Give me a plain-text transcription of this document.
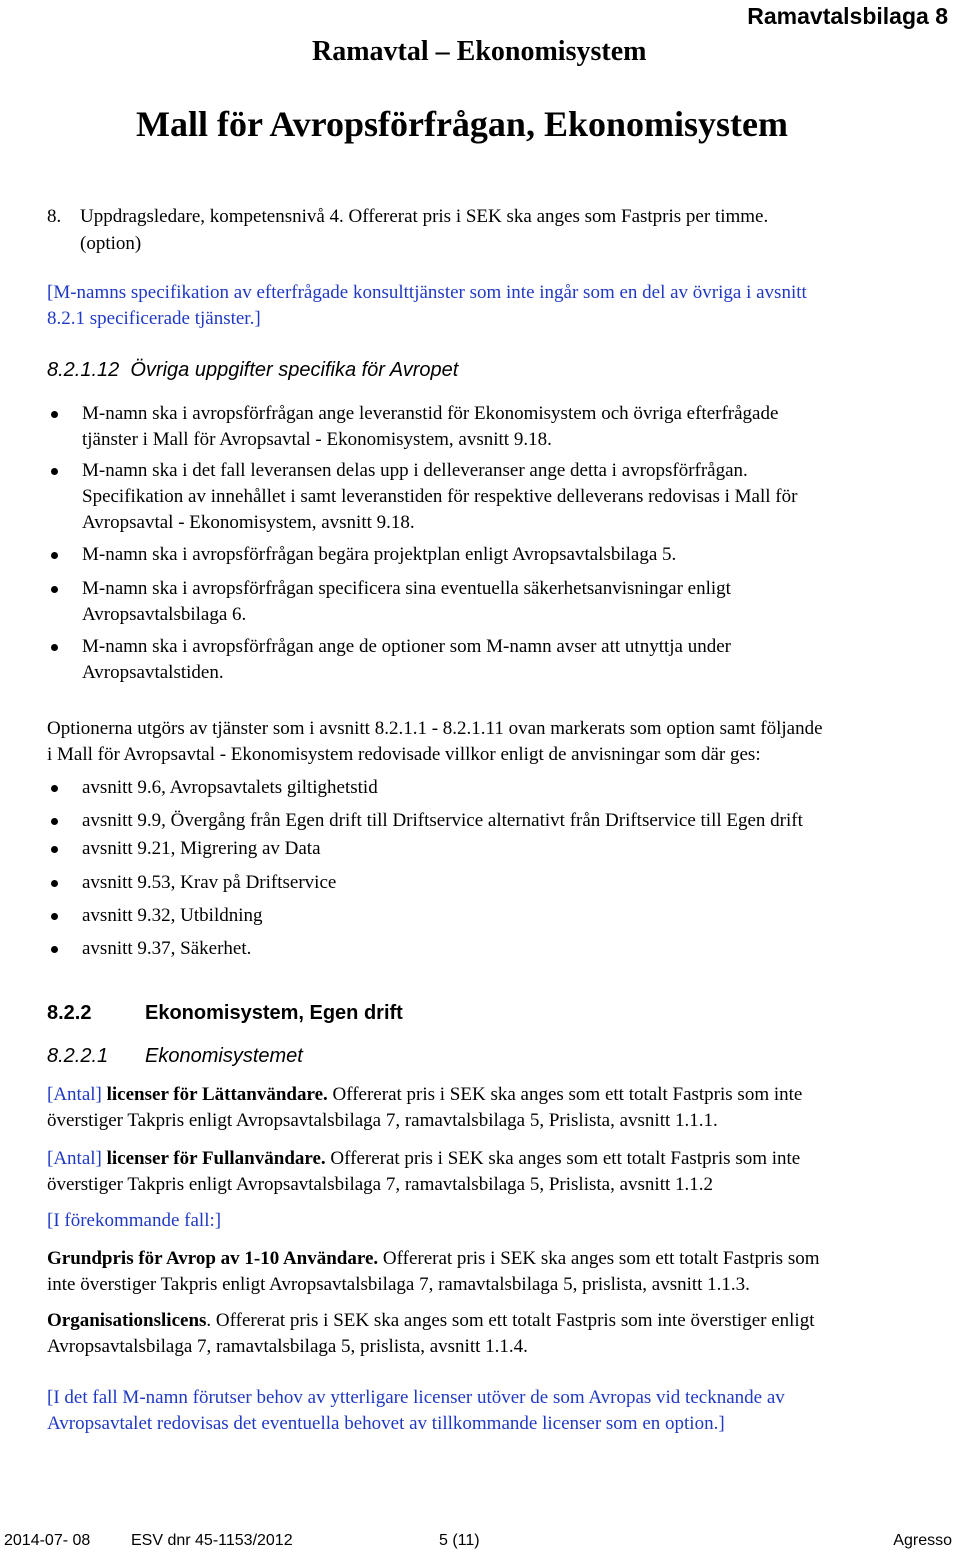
Ramavtalsbilaga 8
Ramavtal – Ekonomisystem
Mall för Avropsförfrågan, Ekonomisystem
8. Uppdragsledare, kompetensnivå 4. Offererat pris i SEK ska anges som Fastpris per timme.
(option)
[M-namns specifikation av efterfrågade konsulttjänster som inte ingår som en del av övriga i avsnitt
8.2.1 specificerade tjänster.]
8.2.1.12  Övriga uppgifter specifika för Avropet
M-namn ska i avropsförfrågan ange leveranstid för Ekonomisystem och övriga efterfrågade
tjänster i Mall för Avropsavtal - Ekonomisystem, avsnitt 9.18.
M-namn ska i det fall leveransen delas upp i delleveranser ange detta i avropsförfrågan.
Specifikation av innehållet i samt leveranstiden för respektive delleverans redovisas i Mall för
Avropsavtal - Ekonomisystem, avsnitt 9.18.
M-namn ska i avropsförfrågan begära projektplan enligt Avropsavtalsbilaga 5.
M-namn ska i avropsförfrågan specificera sina eventuella säkerhetsanvisningar enligt
Avropsavtalsbilaga 6.
M-namn ska i avropsförfrågan ange de optioner som M-namn avser att utnyttja under
Avropsavtalstiden.
Optionerna utgörs av tjänster som i avsnitt 8.2.1.1 - 8.2.1.11 ovan markerats som option samt följande
i Mall för Avropsavtal - Ekonomisystem redovisade villkor enligt de anvisningar som där ges:
avsnitt 9.6, Avropsavtalets giltighetstid
avsnitt 9.9, Övergång från Egen drift till Driftservice alternativt från Driftservice till Egen drift
avsnitt 9.21, Migrering av Data
avsnitt 9.53, Krav på Driftservice
avsnitt 9.32, Utbildning
avsnitt 9.37, Säkerhet.
8.2.2	Ekonomisystem, Egen drift
8.2.2.1 Ekonomisystemet
[Antal] licenser för Lättanvändare. Offererat pris i SEK ska anges som ett totalt Fastpris som inte
överstiger Takpris enligt Avropsavtalsbilaga 7, ramavtalsbilaga 5, Prislista, avsnitt 1.1.1.
[Antal] licenser för Fullanvändare. Offererat pris i SEK ska anges som ett totalt Fastpris som inte
överstiger Takpris enligt Avropsavtalsbilaga 7, ramavtalsbilaga 5, Prislista, avsnitt 1.1.2
[I förekommande fall:]
Grundpris för Avrop av 1-10 Användare. Offererat pris i SEK ska anges som ett totalt Fastpris som
inte överstiger Takpris enligt Avropsavtalsbilaga 7, ramavtalsbilaga 5, prislista, avsnitt 1.1.3.
Organisationslicens. Offererat pris i SEK ska anges som ett totalt Fastpris som inte överstiger enligt
Avropsavtalsbilaga 7, ramavtalsbilaga 5, prislista, avsnitt 1.1.4.
[I det fall M-namn förutser behov av ytterligare licenser utöver de som Avropas vid tecknande av
Avropsavtalet redovisas det eventuella behovet av tillkommande licenser som en option.]
2014-07- 08	ESV dnr 45-1153/2012	5 (11)	Agresso
